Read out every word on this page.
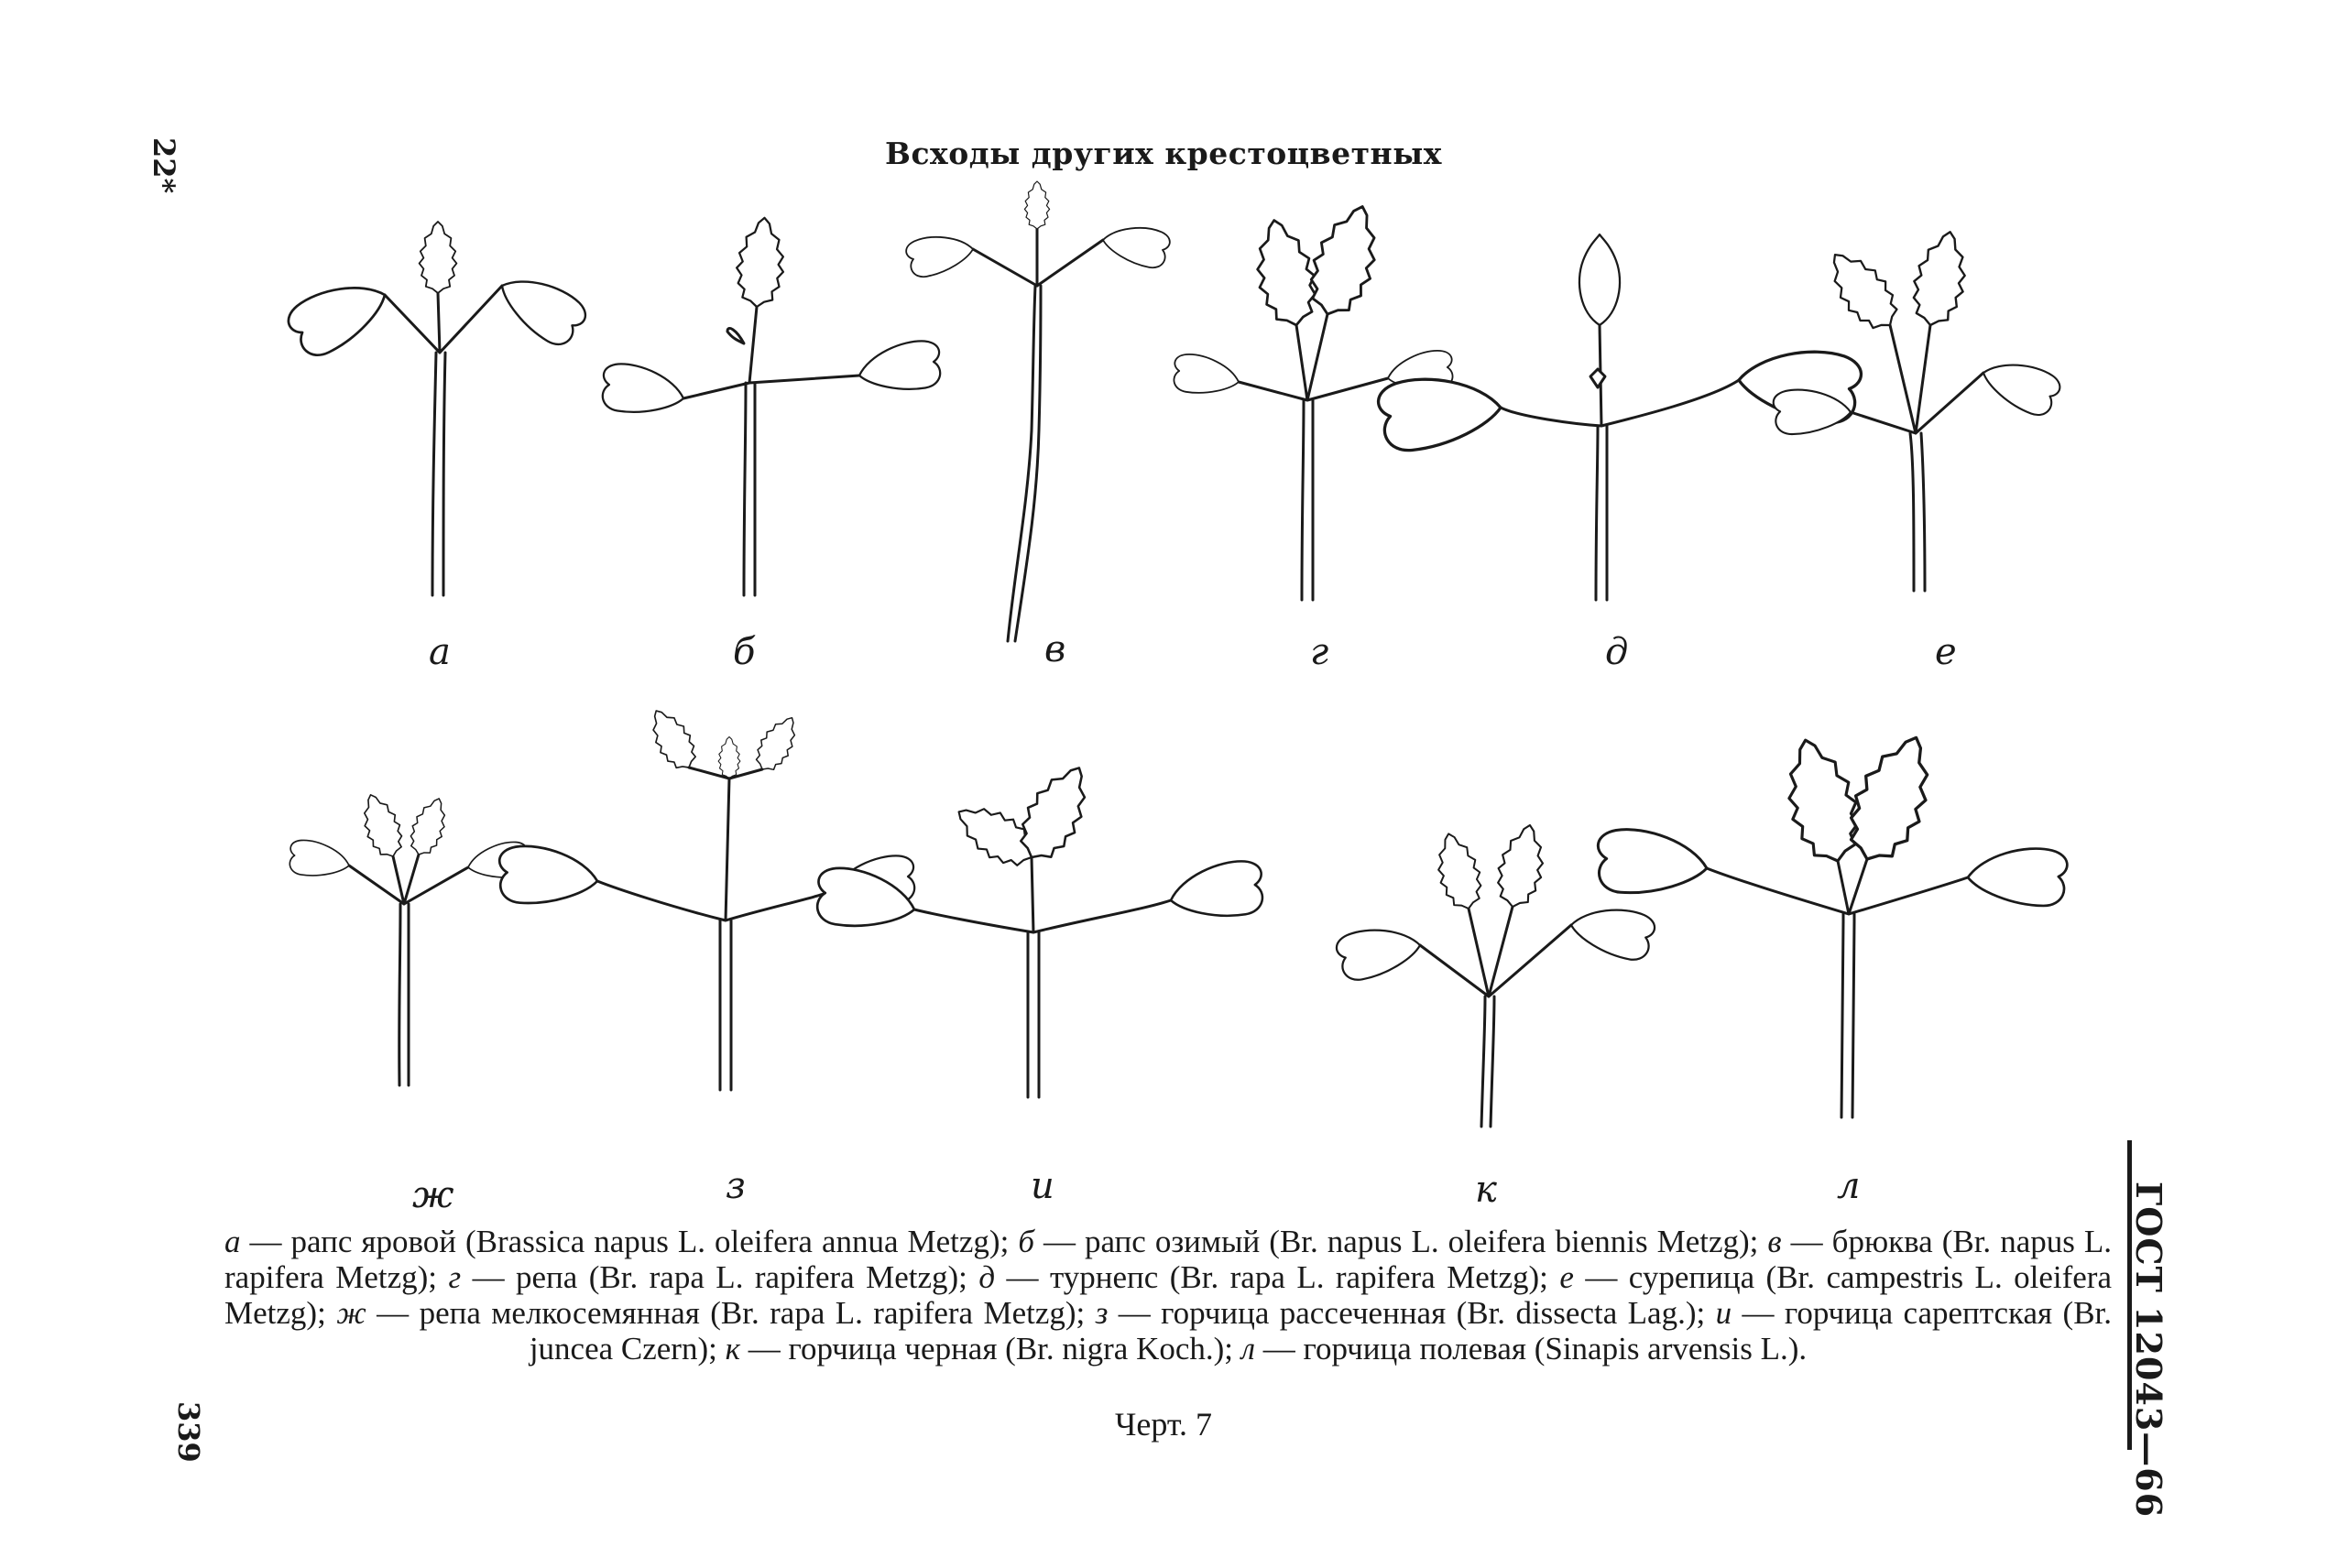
Всходы других крестоцветных
22*
339	ГОСТ 12043—66
а	б	в	г	д	е
ж	з	и	к	л
а — рапс яровой (Brassica napus L. oleifera annua Metzg); б — рапс озимый (Br. napus L. oleifera biennis Metzg); в — брюква (Br. napus L. rapifera Metzg); г — репа (Br. rapa L. rapifera Metzg); д — турнепс (Br. rapa L. rapifera Metzg); е — сурепица (Br. campestris L. oleifera Metzg); ж — репа мелкосемянная (Br. rapa L. rapifera Metzg); з — горчица рассеченная (Br. dissecta Lag.); и — горчица сарептская (Br. juncea Czern); к — горчица черная (Br. nigra Koch.); л — горчица полевая (Sinapis arvensis L.).
Черт. 7
